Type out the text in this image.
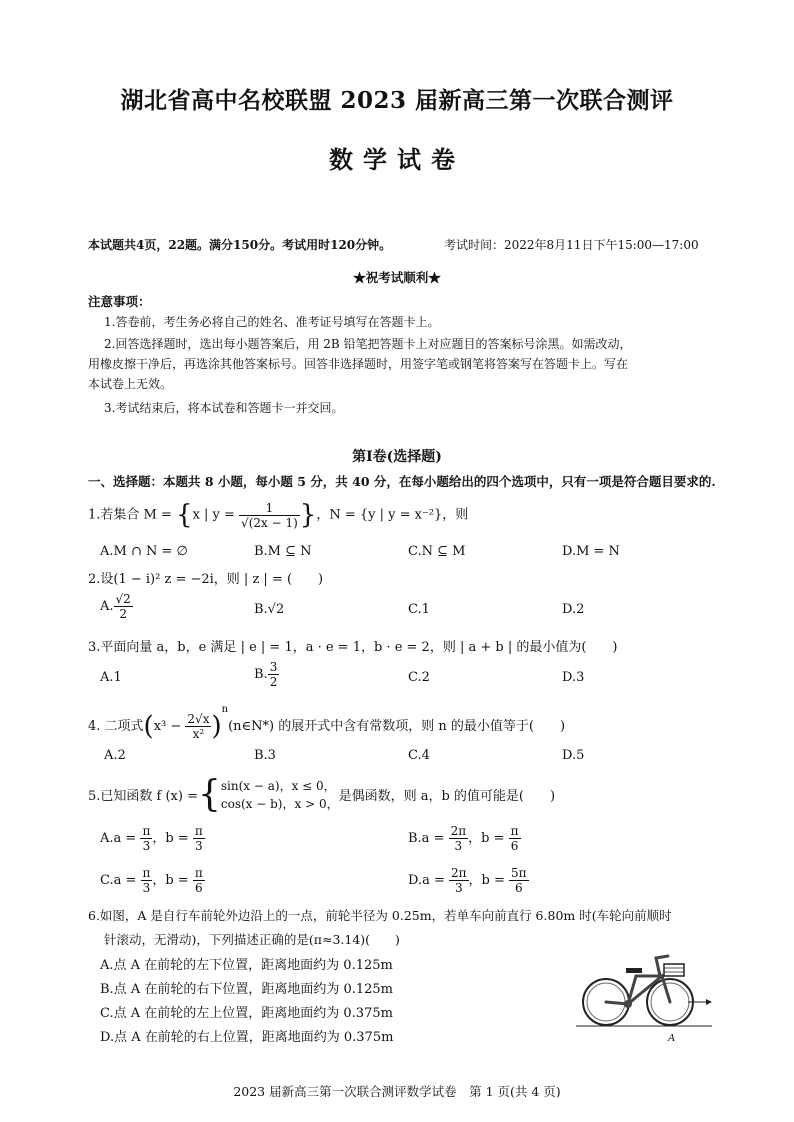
湖北省高中名校联盟 2023 届新高三第一次联合测评
数学试卷
本试题共4页，22题。满分150分。考试用时120分钟。	考试时间：2022年8月11日下午15:00—17:00
★祝考试顺利★
注意事项：
1.答卷前，考生务必将自己的姓名、准考证号填写在答题卡上。
2.回答选择题时，选出每小题答案后，用 2B 铅笔把答题卡上对应题目的答案标号涂黑。如需改动，
用橡皮擦干净后，再选涂其他答案标号。回答非选择题时，用签字笔或钢笔将答案写在答题卡上。写在
本试卷上无效。
3.考试结束后，将本试卷和答题卡一并交回。
第Ⅰ卷(选择题)
一、选择题：本题共 8 小题，每小题 5 分，共 40 分，在每小题给出的四个选项中，只有一项是符合题目要求的.
1.若集合 M = {x | $y = \frac{1}{√(2x - 1)}$ }，N = {y | y = x⁻²}，则
A.M ∩ N = ∅	B.M ⊆ N	C.N ⊆ M	D.M = N
2.设(1 − i)² z = −2i，则 | z | = (　　)
A. $\frac{√2}{2}$	B.√2	C.1	D.2
3.平面向量 a，b，e 满足 | e | = 1，a · e = 1，b · e = 2，则 | a + b | 的最小值为(　　)
A.1	B. $\frac{3}{2}$	C.2	D.3
4. 二项式($x^3 - \frac{2√x}{\text{x²}}$ )$^n(n\in N*)$ 的展开式中含有常数项，则 n 的最小值等于(　　)
A.2	B.3	C.4	D.5
5.已知函数 f (x) ={ sin(x − a)，x ≤ 0，
cos(x − b)，x > 0， 是偶函数，则 a，b 的值可能是(　　)
$A.a = \frac{\pi}{3}$ ，$b = \frac{\pi}{3}$	$B.a = \frac{2\pi}{3}$ ，$b = \frac{\pi}{6}$
$C.a = \frac{\pi}{3}$ ，$b = \frac{\pi}{6}$	$D.a = \frac{2\pi}{3}$ ，$b = \frac{5\pi}{6}$
6.如图，A 是自行车前轮外边沿上的一点，前轮半径为 0.25m，若单车向前直行 6.80m 时(车轮向前顺时
针滚动，无滑动)，下列描述正确的是(π≈3.14)(　　)
A.点 A 在前轮的左下位置，距离地面约为 0.125m
B.点 A 在前轮的右下位置，距离地面约为 0.125m
C.点 A 在前轮的左上位置，距离地面约为 0.375m
D.点 A 在前轮的右上位置，距离地面约为 0.375m	A
2023 届新高三第一次联合测评数学试卷　第 1 页(共 4 页)
